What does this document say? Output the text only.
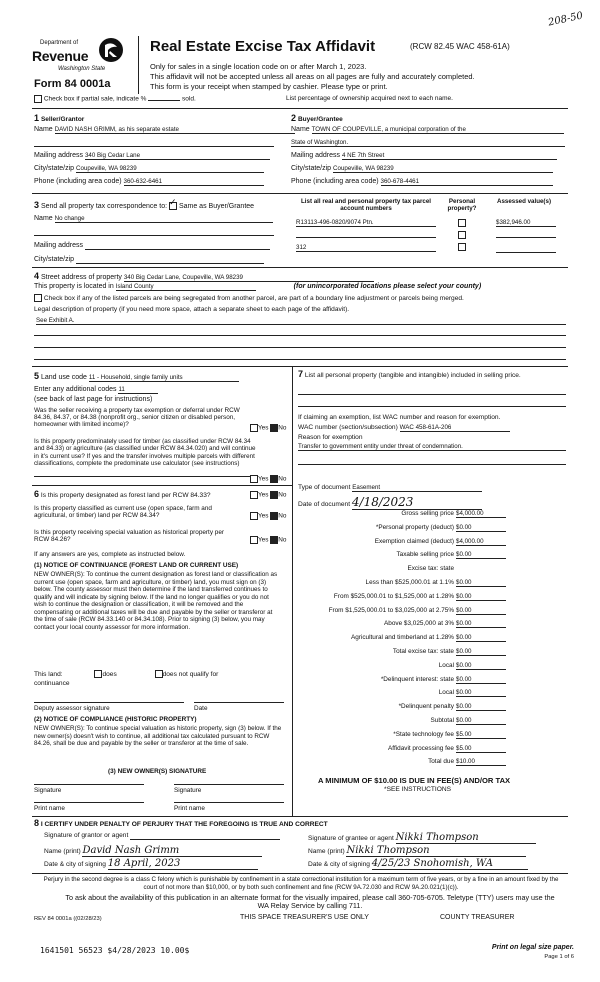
208-50
Department of
Revenue
Washington State
Form 84 0001a
Real Estate Excise Tax Affidavit	(RCW 82.45 WAC 458-61A)
Only for sales in a single location code on or after March 1, 2023.
This affidavit will not be accepted unless all areas on all pages are fully and accurately completed.
This form is your receipt when stamped by cashier. Please type or print.
Check box if partial sale, indicate %	sold.	List percentage of ownership acquired next to each name.
1 Seller/Grantor
Name DAVID NASH GRIMM, as his separate estate
Mailing address 340 Big Cedar Lane
City/state/zip Coupeville, WA 98239
Phone (including area code) 360-632-6461
2 Buyer/Grantee
Name TOWN OF COUPEVILLE, a municipal corporation of the
State of Washington.
Mailing address 4 NE 7th Street
City/state/zip Coupeville, WA 98239
Phone (including area code) 360-678-4461
3 Send all property tax correspondence to: ✓ Same as Buyer/Grantee
Name No change
Mailing address
City/state/zip
List all real and personal property tax parcel account numbers
Personal property?
Assessed value(s)
R13113-496-0820/9074 Ptn.	$382,946.00
312
4 Street address of property 340 Big Cedar Lane, Coupeville, WA 98239
This property is located in Island County	(for unincorporated locations please select your county)
Check box if any of the listed parcels are being segregated from another parcel, are part of a boundary line adjustment or parcels being merged.
Legal description of property (if you need more space, attach a separate sheet to each page of the affidavit).
See Exhibit A.
5 Land use code 11 - Household, single family units
Enter any additional codes 11
(see back of last page for instructions)
Was the seller receiving a property tax exemption or deferral under RCW 84.36, 84.37, or 84.38 (nonprofit org., senior citizen or disabled person, homeowner with limited income)?	Yes No
Is this property predominately used for timber (as classified under RCW 84.34 and 84.33) or agriculture (as classified under RCW 84.34.020) and will continue in it's current use? If yes and the transfer involves multiple parcels with different classifications, complete the predominate use calculator (see instructions)
Yes No
6 Is this property designated as forest land per RCW 84.33?	Yes No
Is this property classified as current use (open space, farm and agricultural, or timber) land per RCW 84.34?	Yes No
Is this property receiving special valuation as historical property per RCW 84.26?	Yes No
If any answers are yes, complete as instructed below.
(1) NOTICE OF CONTINUANCE (FOREST LAND OR CURRENT USE)
NEW OWNER(S): To continue the current designation as forest land or classification as current use (open space, farm and agriculture, or timber) land, you must sign on (3) below. The county assessor must then determine if the land transferred continues to qualify and will indicate by signing below. If the land no longer qualifies or you do not wish to continue the designation or classification, it will be removed and the compensating or additional taxes will be due and payable by the seller or transferor at the time of sale (RCW 84.33.140 or 84.34.108). Prior to signing (3) below, you may contact your local county assessor for more information.
This land:	does	does not qualify for
continuance
Deputy assessor signature	Date
(2) NOTICE OF COMPLIANCE (HISTORIC PROPERTY)
NEW OWNER(S): To continue special valuation as historic property, sign (3) below. If the new owner(s) doesn't wish to continue, all additional tax calculated pursuant to RCW 84.26, shall be due and payable by the seller or transferor at the time of sale.
(3) NEW OWNER(S) SIGNATURE
Signature	Signature
Print name	Print name
7 List all personal property (tangible and intangible) included in selling price.
If claiming an exemption, list WAC number and reason for exemption.
WAC number (section/subsection) WAC 458-61A-206
Reason for exemption
Transfer to government entity under threat of condemnation.
Type of document Easement
Date of document 4/18/2023
Gross selling price $4,000.00
*Personal property (deduct) $0.00
Exemption claimed (deduct) $4,000.00
Taxable selling price $0.00
Excise tax: state
Less than $525,000.01 at 1.1% $0.00
From $525,000.01 to $1,525,000 at 1.28% $0.00
From $1,525,000.01 to $3,025,000 at 2.75% $0.00
Above $3,025,000 at 3% $0.00
Agricultural and timberland at 1.28% $0.00
Total excise tax: state $0.00
Local $0.00
*Delinquent interest: state $0.00
Local $0.00
*Delinquent penalty $0.00
Subtotal $0.00
*State technology fee $5.00
Affidavit processing fee $5.00
Total due $10.00
A MINIMUM OF $10.00 IS DUE IN FEE(S) AND/OR TAX
*SEE INSTRUCTIONS
8 I CERTIFY UNDER PENALTY OF PERJURY THAT THE FOREGOING IS TRUE AND CORRECT
Signature of grantor or agent
Name (print) David Nash Grimm
Date & city of signing 18 April, 2023
Signature of grantee or agent Nikki Thompson
Name (print) Nikki Thompson
Date & city of signing 4/25/23 Snohomish, WA
Perjury in the second degree is a class C felony which is punishable by confinement in a state correctional institution for a maximum term of five years, or by a fine in an amount fixed by the court of not more than $10,000, or by both such confinement and fine (RCW 9A.72.030 and RCW 9A.20.021(1)(c)).
To ask about the availability of this publication in an alternate format for the visually impaired, please call 360-705-6705. Teletype (TTY) users may use the WA Relay Service by calling 711.
REV 84 0001a ((02/28/23)	THIS SPACE TREASURER'S USE ONLY	COUNTY TREASURER
1641501 56523 $4/28/2023 10.00$	Print on legal size paper.
Page 1 of 6
